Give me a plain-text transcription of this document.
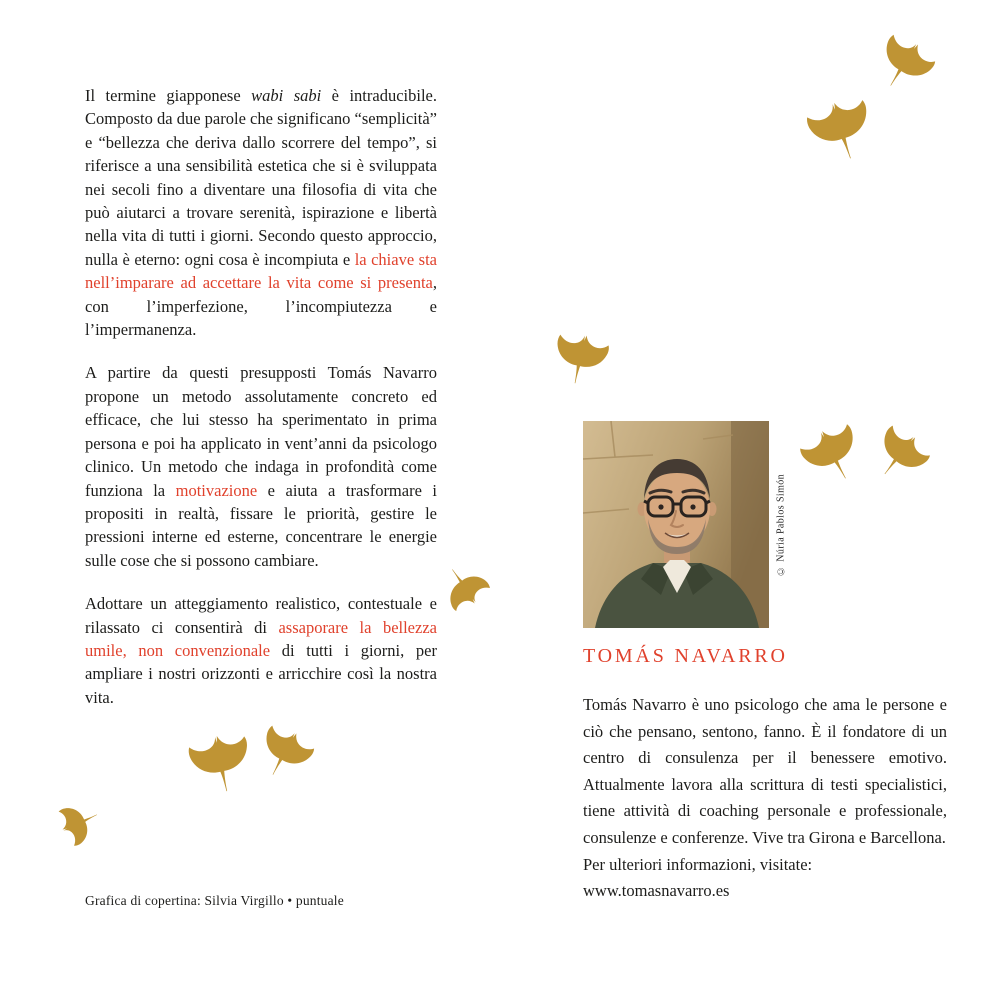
Il termine giapponese wabi sabi è intraducibile. Composto da due parole che significano “semplicità” e “bellezza che deriva dallo scorrere del tempo”, si riferisce a una sensibilità estetica che si è sviluppata nei secoli fino a diventare una filosofia di vita che può aiutarci a trovare serenità, ispirazione e libertà nella vita di tutti i giorni. Secondo questo approccio, nulla è eterno: ogni cosa è incompiuta e la chiave sta nell’imparare ad accettare la vita come si presenta, con l’imperfezione, l’incompiutezza e l’impermanenza.

A partire da questi presupposti Tomás Navarro propone un metodo assolutamente concreto ed efficace, che lui stesso ha sperimentato in prima persona e poi ha applicato in vent’anni da psicologo clinico. Un metodo che indaga in profondità come funziona la motivazione e aiuta a trasformare i propositi in realtà, fissare le priorità, gestire le pressioni interne ed esterne, concentrare le energie sulle cose che si possono cambiare.

Adottare un atteggiamento realistico, contestuale e rilassato ci consentirà di assaporare la bellezza umile, non convenzionale di tutti i giorni, per ampliare i nostri orizzonti e arricchire così la nostra vita.

Grafica di copertina: Silvia Virgillo • puntuale
© Núria Pablos Simón
TOMÁS NAVARRO

Tomás Navarro è uno psicologo che ama le persone e ciò che pensano, sentono, fanno. È il fondatore di un centro di consulenza per il benessere emotivo. Attualmente lavora alla scrittura di testi specialistici, tiene attività di coaching personale e professionale, consulenze e conferenze. Vive tra Girona e Barcellona.

Per ulteriori informazioni, visitate:
www.tomasnavarro.es
